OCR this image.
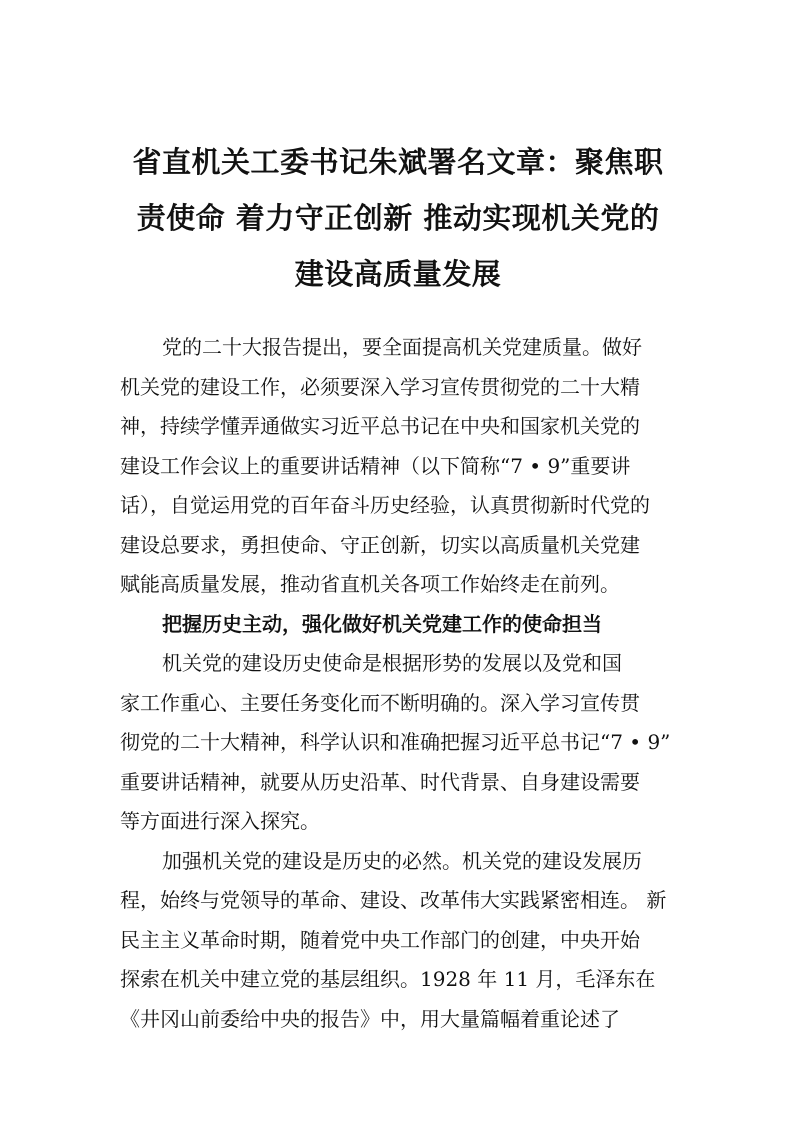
省直机关工委书记朱斌署名文章：聚焦职
责使命 着力守正创新 推动实现机关党的
建设高质量发展
党的二十大报告提出，要全面提高机关党建质量。做好
机关党的建设工作，必须要深入学习宣传贯彻党的二十大精
神，持续学懂弄通做实习近平总书记在中央和国家机关党的
建设工作会议上的重要讲话精神（以下简称“7 • 9”重要讲
话），自觉运用党的百年奋斗历史经验，认真贯彻新时代党的
建设总要求，勇担使命、守正创新，切实以高质量机关党建
赋能高质量发展，推动省直机关各项工作始终走在前列。
把握历史主动，强化做好机关党建工作的使命担当
机关党的建设历史使命是根据形势的发展以及党和国
家工作重心、主要任务变化而不断明确的。深入学习宣传贯
彻党的二十大精神，科学认识和准确把握习近平总书记“7 • 9”
重要讲话精神，就要从历史沿革、时代背景、自身建设需要
等方面进行深入探究。
加强机关党的建设是历史的必然。机关党的建设发展历
程，始终与党领导的革命、建设、改革伟大实践紧密相连。 新
民主主义革命时期，随着党中央工作部门的创建，中央开始
探索在机关中建立党的基层组织。1928 年 11 月，毛泽东在
《井冈山前委给中央的报告》中，用大量篇幅着重论述了
